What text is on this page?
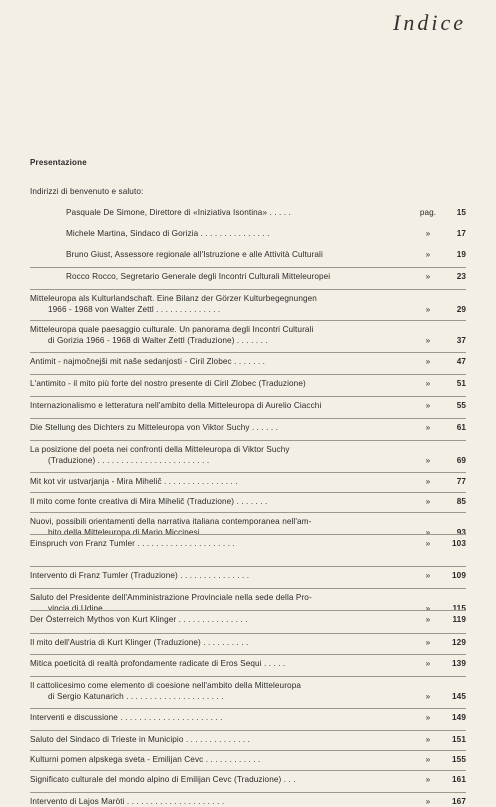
Indice
Presentazione
Indirizzi di benvenuto e saluto:
Pasquale De Simone, Direttore di «Iniziativa Isontina» . . . . .	pag.	15
Michele Martina, Sindaco di Gorizia . . . . . . . . . . . . . . .	»	17
Bruno Giust, Assessore regionale all'Istruzione e alle Attività Culturali	»	19
Rocco Rocco, Segretario Generale degli Incontri Culturali Mitteleuropei	»	23
Mitteleuropa als Kulturlandschaft. Eine Bilanz der Görzer Kulturbegegnungen
1966 - 1968 von Walter Zettl . . . . . . . . . . . . . .	»	29
Mitteleuropa quale paesaggio culturale. Un panorama degli Incontri Culturali
di Gorizia 1966 - 1968 di Walter Zettl (Traduzione) . . . . . . .	»	37
Antimit - najmočnejši mit naše sedanjosti - Ciril Zlobec . . . . . . .	»	47
L'antimito - il mito più forte del nostro presente di Ciril Zlobec (Traduzione)	»	51
Internazionalismo e letteratura nell'ambito della Mitteleuropa di Aurelio Ciacchi	»	55
Die Stellung des Dichters zu Mitteleuropa von Viktor Suchy . . . . . .	»	61
La posizione del poeta nei confronti della Mitteleuropa di Viktor Suchy
(Traduzione) . . . . . . . . . . . . . . . . . . . . . . . .	»	69
Mit kot vir ustvarjanja - Mira Mihelič . . . . . . . . . . . . . . . .	»	77
Il mito come fonte creativa di Mira Mihelič (Traduzione) . . . . . . .	»	85
Nuovi, possibili orientamenti della narrativa italiana contemporanea nell'am-
bito della Mitteleuropa di Mario Miccinesi . . . . . . . . . . .	»	93
Einspruch von Franz Tumler . . . . . . . . . . . . . . . . . . . . .	»	103
Intervento di Franz Tumler (Traduzione) . . . . . . . . . . . . . . .	»	109
Saluto del Presidente dell'Amministrazione Provinciale nella sede della Pro-
vincia di Udine . . . . . . . . . . . . . . . . . . . . . . .	»	115
Der Österreich Mythos von Kurt Klinger . . . . . . . . . . . . . . .	»	119
Il mito dell'Austria di Kurt Klinger (Traduzione) . . . . . . . . . .	»	129
Mitica poeticità di realtà profondamente radicate di Eros Sequi . . . . .	»	139
Il cattolicesimo come elemento di coesione nell'ambito della Mitteleuropa
di Sergio Katunarich . . . . . . . . . . . . . . . . . . . . .	»	145
Interventi e discussione . . . . . . . . . . . . . . . . . . . . . .	»	149
Saluto del Sindaco di Trieste in Municipio . . . . . . . . . . . . . .	»	151
Kulturni pomen alpskega sveta - Emilijan Cevc . . . . . . . . . . . .	»	155
Significato culturale del mondo alpino di Emilijan Cevc (Traduzione) . . .	»	161
Intervento di Lajos Maròti . . . . . . . . . . . . . . . . . . . . .	»	167
